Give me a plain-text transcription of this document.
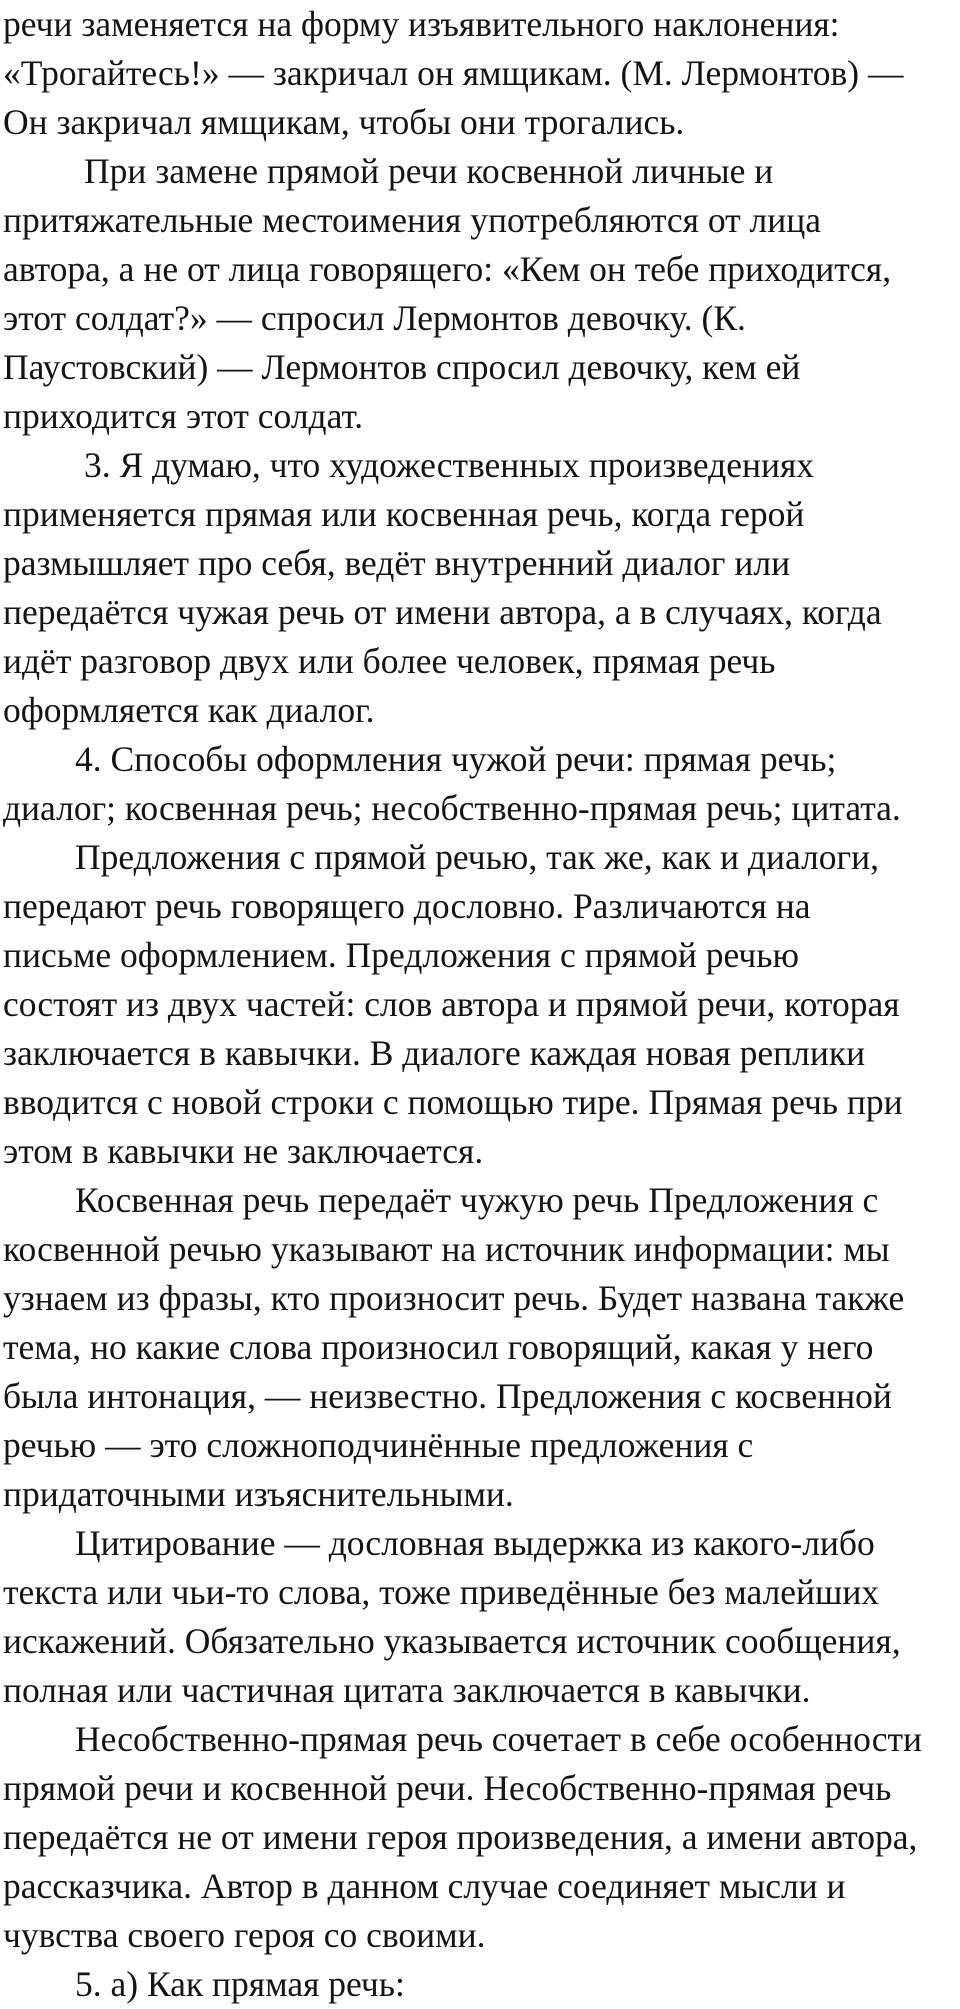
речи заменяется на форму изъявительного наклонения:
«Трогайтесь!» — закричал он ямщикам. (М. Лермонтов) —
Он закричал ямщикам, чтобы они трогались.
При замене прямой речи косвенной личные и
притяжательные местоимения употребляются от лица
автора, а не от лица говорящего: «Кем он тебе приходится,
этот солдат?» — спросил Лермонтов девочку. (К.
Паустовский) — Лермонтов спросил девочку, кем ей
приходится этот солдат.
3. Я думаю, что художественных произведениях
применяется прямая или косвенная речь, когда герой
размышляет про себя, ведёт внутренний диалог или
передаётся чужая речь от имени автора, а в случаях, когда
идёт разговор двух или более человек, прямая речь
оформляется как диалог.
4. Способы оформления чужой речи: прямая речь;
диалог; косвенная речь; несобственно-прямая речь; цитата.
Предложения с прямой речью, так же, как и диалоги,
передают речь говорящего дословно. Различаются на
письме оформлением. Предложения с прямой речью
состоят из двух частей: слов автора и прямой речи, которая
заключается в кавычки. В диалоге каждая новая реплики
вводится с новой строки с помощью тире. Прямая речь при
этом в кавычки не заключается.
Косвенная речь передаёт чужую речь Предложения с
косвенной речью указывают на источник информации: мы
узнаем из фразы, кто произносит речь. Будет названа также
тема, но какие слова произносил говорящий, какая у него
была интонация, — неизвестно. Предложения с косвенной
речью — это сложноподчинённые предложения с
придаточными изъяснительными.
Цитирование — дословная выдержка из какого-либо
текста или чьи-то слова, тоже приведённые без малейших
искажений. Обязательно указывается источник сообщения,
полная или частичная цитата заключается в кавычки.
Несобственно-прямая речь сочетает в себе особенности
прямой речи и косвенной речи. Несобственно-прямая речь
передаётся не от имени героя произведения, а имени автора,
рассказчика. Автор в данном случае соединяет мысли и
чувства своего героя со своими.
5. а) Как прямая речь:
